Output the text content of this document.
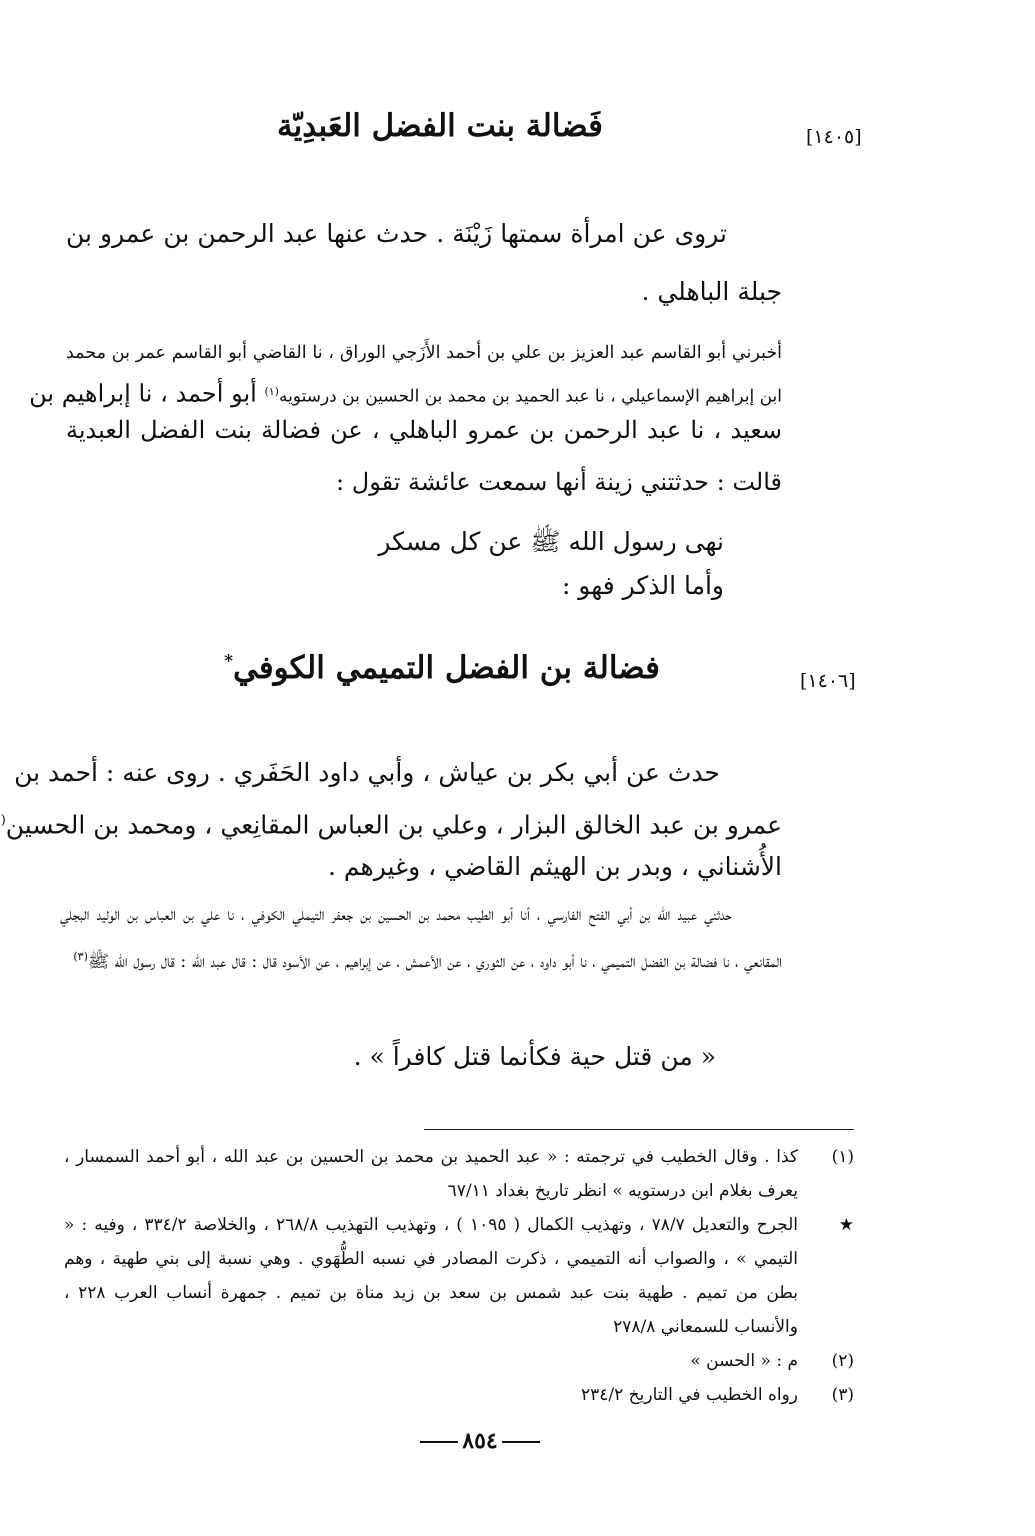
[١٤٠٥]
فَضالة بنت الفضل العَبدِيّة
تروى عن امرأة سمتها زَيْنَة . حدث عنها عبد الرحمن بن عمرو بن جبلة الباهلي .
أخبرني أبو القاسم عبد العزيز بن علي بن أحمد الأَزَجي الوراق ، نا القاضي أبو القاسم عمر بن محمد
ابن إبراهيم الإسماعيلي ، نا عبد الحميد بن محمد بن الحسين بن درستويه$^{(١)}$ أبو أحمد ، نا إبراهيم بن
سعيد ، نا عبد الرحمن بن عمرو الباهلي ، عن فضالة بنت الفضل العبدية قالت : حدثتني زينة أنها سمعت عائشة تقول :
نهى رسول الله ﷺ عن كل مسكر
وأما الذكر فهو :
[١٤٠٦]
فضالة بن الفضل التميمي الكوفي*
حدث عن أبي بكر بن عياش ، وأبي داود الحَفَري . روى عنه : أحمد بن
عمرو بن عبد الخالق البزار ، وعلي بن العباس المقانِعي ، ومحمد بن الحسين(
الأُشناني ، وبدر بن الهيثم القاضي ، وغيرهم .
حدثني عبيد الله بن أبي الفتح الفارسي ، أنا أبو الطيب محمد بن الحسين بن جعفر التيملي الكوفي ، نا علي بن العباس بن الوليد البجلي المقانعي ، نا فضالة بن الفضل التميمي ، نا أبو داود ، عن الثوري ، عن الأعمش ، عن إبراهيم ، عن الأسود قال : قال عبد الله : قال رسول الله ﷺ$^{(٣)}$
« من قتل حية فكأنما قتل كافراً » .
(١)
كذا . وقال الخطيب في ترجمته : « عبد الحميد بن محمد بن الحسين بن عبد الله ، أبو أحمد السمسار ، يعرف بغلام ابن درستويه » انظر تاريخ بغداد ٦٧/١١
★
الجرح والتعديل ٧٨/٧ ، وتهذيب الكمال ( ١٠٩٥ ) ، وتهذيب التهذيب ٢٦٨/٨ ، والخلاصة ٣٣٤/٢ ، وفيه : « التيمي » ، والصواب أنه التميمي ، ذكرت المصادر في نسبه الطُّهَوي . وهي نسبة إلى بني طهية ، وهم بطن من تميم . طهية بنت عبد شمس بن سعد بن زيد مناة بن تميم . جمهرة أنساب العرب ٢٢٨ ، والأنساب للسمعاني ٢٧٨/٨
(٢)
م : « الحسن »
(٣)
رواه الخطيب في التاريخ ٢٣٤/٢
٨٥٤
